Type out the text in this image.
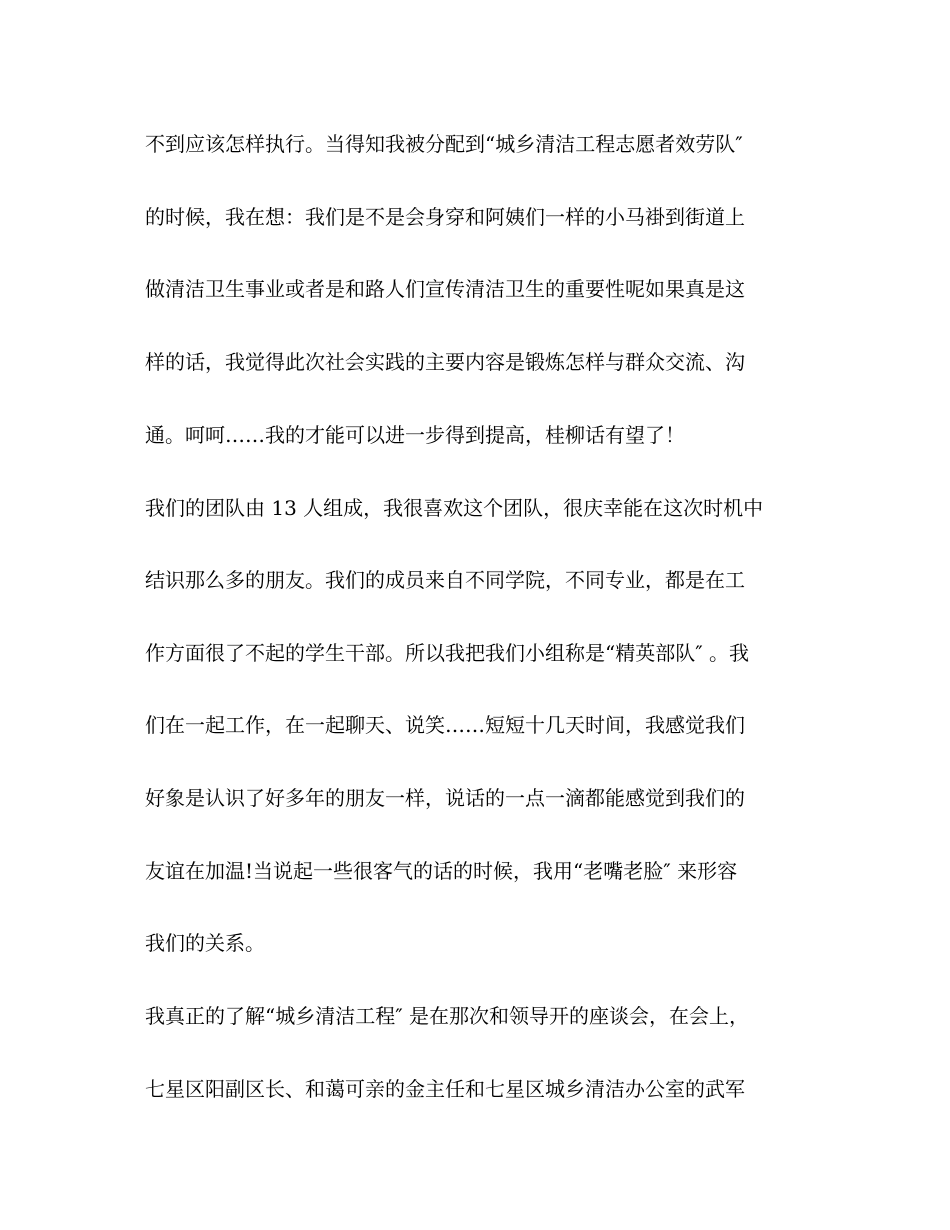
不到应该怎样执行。当得知我被分配到“城乡清洁工程志愿者效劳队″
的时候，我在想：我们是不是会身穿和阿姨们一样的小马褂到街道上
做清洁卫生事业或者是和路人们宣传清洁卫生的重要性呢如果真是这
样的话，我觉得此次社会实践的主要内容是锻炼怎样与群众交流、沟
通。呵呵……我的才能可以进一步得到提高，桂柳话有望了！
我们的团队由 13 人组成，我很喜欢这个团队，很庆幸能在这次时机中
结识那么多的朋友。我们的成员来自不同学院，不同专业，都是在工
作方面很了不起的学生干部。所以我把我们小组称是“精英部队″ 。我
们在一起工作，在一起聊天、说笑……短短十几天时间，我感觉我们
好象是认识了好多年的朋友一样，说话的一点一滴都能感觉到我们的
友谊在加温!当说起一些很客气的话的时候，我用“老嘴老脸″ 来形容
我们的关系。
我真正的了解“城乡清洁工程″ 是在那次和领导开的座谈会，在会上，
七星区阳副区长、和蔼可亲的金主任和七星区城乡清洁办公室的武军
